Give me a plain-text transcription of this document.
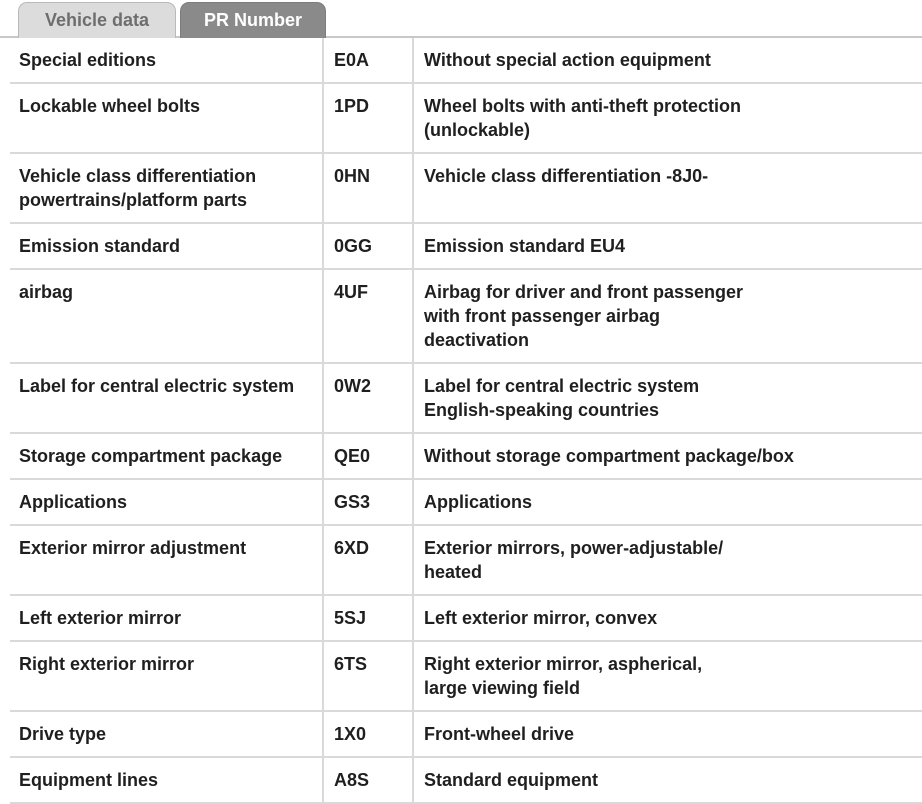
Vehicle data	PR Number
Special editions	E0A	Without special action equipment
Lockable wheel bolts	1PD	Wheel bolts with anti-theft protection
(unlockable)
Vehicle class differentiation
powertrains/platform parts	0HN	Vehicle class differentiation -8J0-
Emission standard	0GG	Emission standard EU4
airbag	4UF	Airbag for driver and front passenger
with front passenger airbag
deactivation
Label for central electric system	0W2	Label for central electric system
English-speaking countries
Storage compartment package	QE0	Without storage compartment package/box
Applications	GS3	Applications
Exterior mirror adjustment	6XD	Exterior mirrors, power-adjustable/
heated
Left exterior mirror	5SJ	Left exterior mirror, convex
Right exterior mirror	6TS	Right exterior mirror, aspherical,
large viewing field
Drive type	1X0	Front-wheel drive
Equipment lines	A8S	Standard equipment
